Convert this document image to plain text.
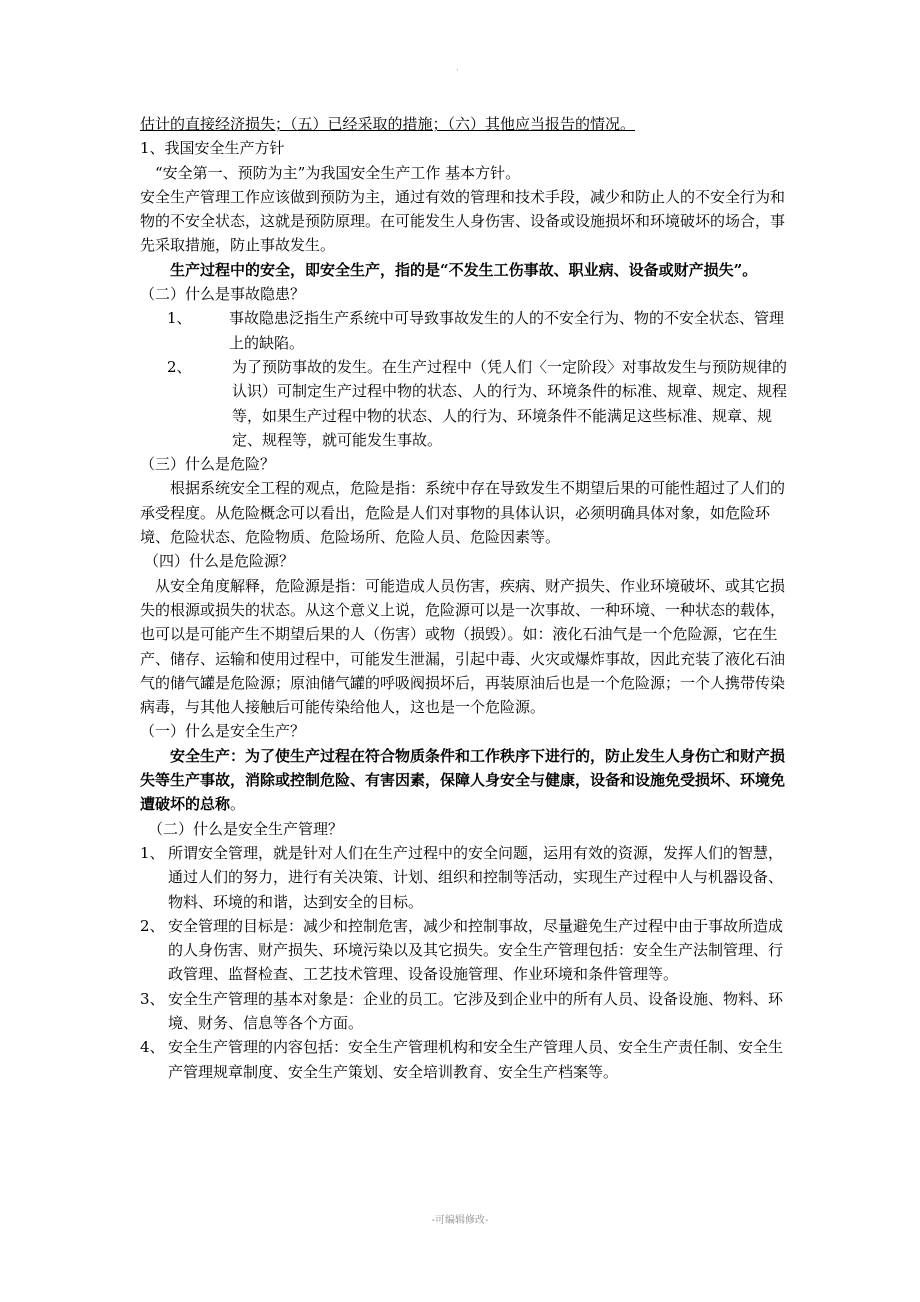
·

估计的直接经济损失；（五）已经采取的措施；（六）其他应当报告的情况。

1、我国安全生产方针

“安全第一、预防为主”为我国安全生产工作 基本方针。

安全生产管理工作应该做到预防为主，通过有效的管理和技术手段，减少和防止人的不安全行为和物的不安全状态，这就是预防原理。在可能发生人身伤害、设备或设施损坏和环境破坏的场合，事先采取措施，防止事故发生。

生产过程中的安全，即安全生产，指的是“不发生工伤事故、职业病、设备或财产损失”。

（二）什么是事故隐患？

1、	事故隐患泛指生产系统中可导致事故发生的人的不安全行为、物的不安全状态、管理上的缺陷。
2、	为了预防事故的发生。在生产过程中（凭人们〈一定阶段〉对事故发生与预防规律的认识）可制定生产过程中物的状态、人的行为、环境条件的标准、规章、规定、规程等，如果生产过程中物的状态、人的行为、环境条件不能满足这些标准、规章、规定、规程等，就可能发生事故。

（三）什么是危险？

根据系统安全工程的观点，危险是指：系统中存在导致发生不期望后果的可能性超过了人们的承受程度。从危险概念可以看出，危险是人们对事物的具体认识，必须明确具体对象，如危险环境、危险状态、危险物质、危险场所、危险人员、危险因素等。

（四）什么是危险源？

从安全角度解释，危险源是指：可能造成人员伤害，疾病、财产损失、作业环境破坏、或其它损失的根源或损失的状态。从这个意义上说，危险源可以是一次事故、一种环境、一种状态的载体，也可以是可能产生不期望后果的人（伤害）或物（损毁）。如：液化石油气是一个危险源，它在生产、储存、运输和使用过程中，可能发生泄漏，引起中毒、火灾或爆炸事故，因此充装了液化石油气的储气罐是危险源；原油储气罐的呼吸阀损坏后，再装原油后也是一个危险源；一个人携带传染病毒，与其他人接触后可能传染给他人，这也是一个危险源。

（一）什么是安全生产？

安全生产：为了使生产过程在符合物质条件和工作秩序下进行的，防止发生人身伤亡和财产损失等生产事故，消除或控制危险、有害因素，保障人身安全与健康，设备和设施免受损坏、环境免遭破坏的总称。

（二）什么是安全生产管理？

1、 所谓安全管理，就是针对人们在生产过程中的安全问题，运用有效的资源，发挥人们的智慧，通过人们的努力，进行有关决策、计划、组织和控制等活动，实现生产过程中人与机器设备、物料、环境的和谐，达到安全的目标。
2、 安全管理的目标是：减少和控制危害，减少和控制事故，尽量避免生产过程中由于事故所造成的人身伤害、财产损失、环境污染以及其它损失。安全生产管理包括：安全生产法制管理、行政管理、监督检查、工艺技术管理、设备设施管理、作业环境和条件管理等。
3、 安全生产管理的基本对象是：企业的员工。它涉及到企业中的所有人员、设备设施、物料、环境、财务、信息等各个方面。
4、 安全生产管理的内容包括：安全生产管理机构和安全生产管理人员、安全生产责任制、安全生产管理规章制度、安全生产策划、安全培训教育、安全生产档案等。
-可编辑修改-
